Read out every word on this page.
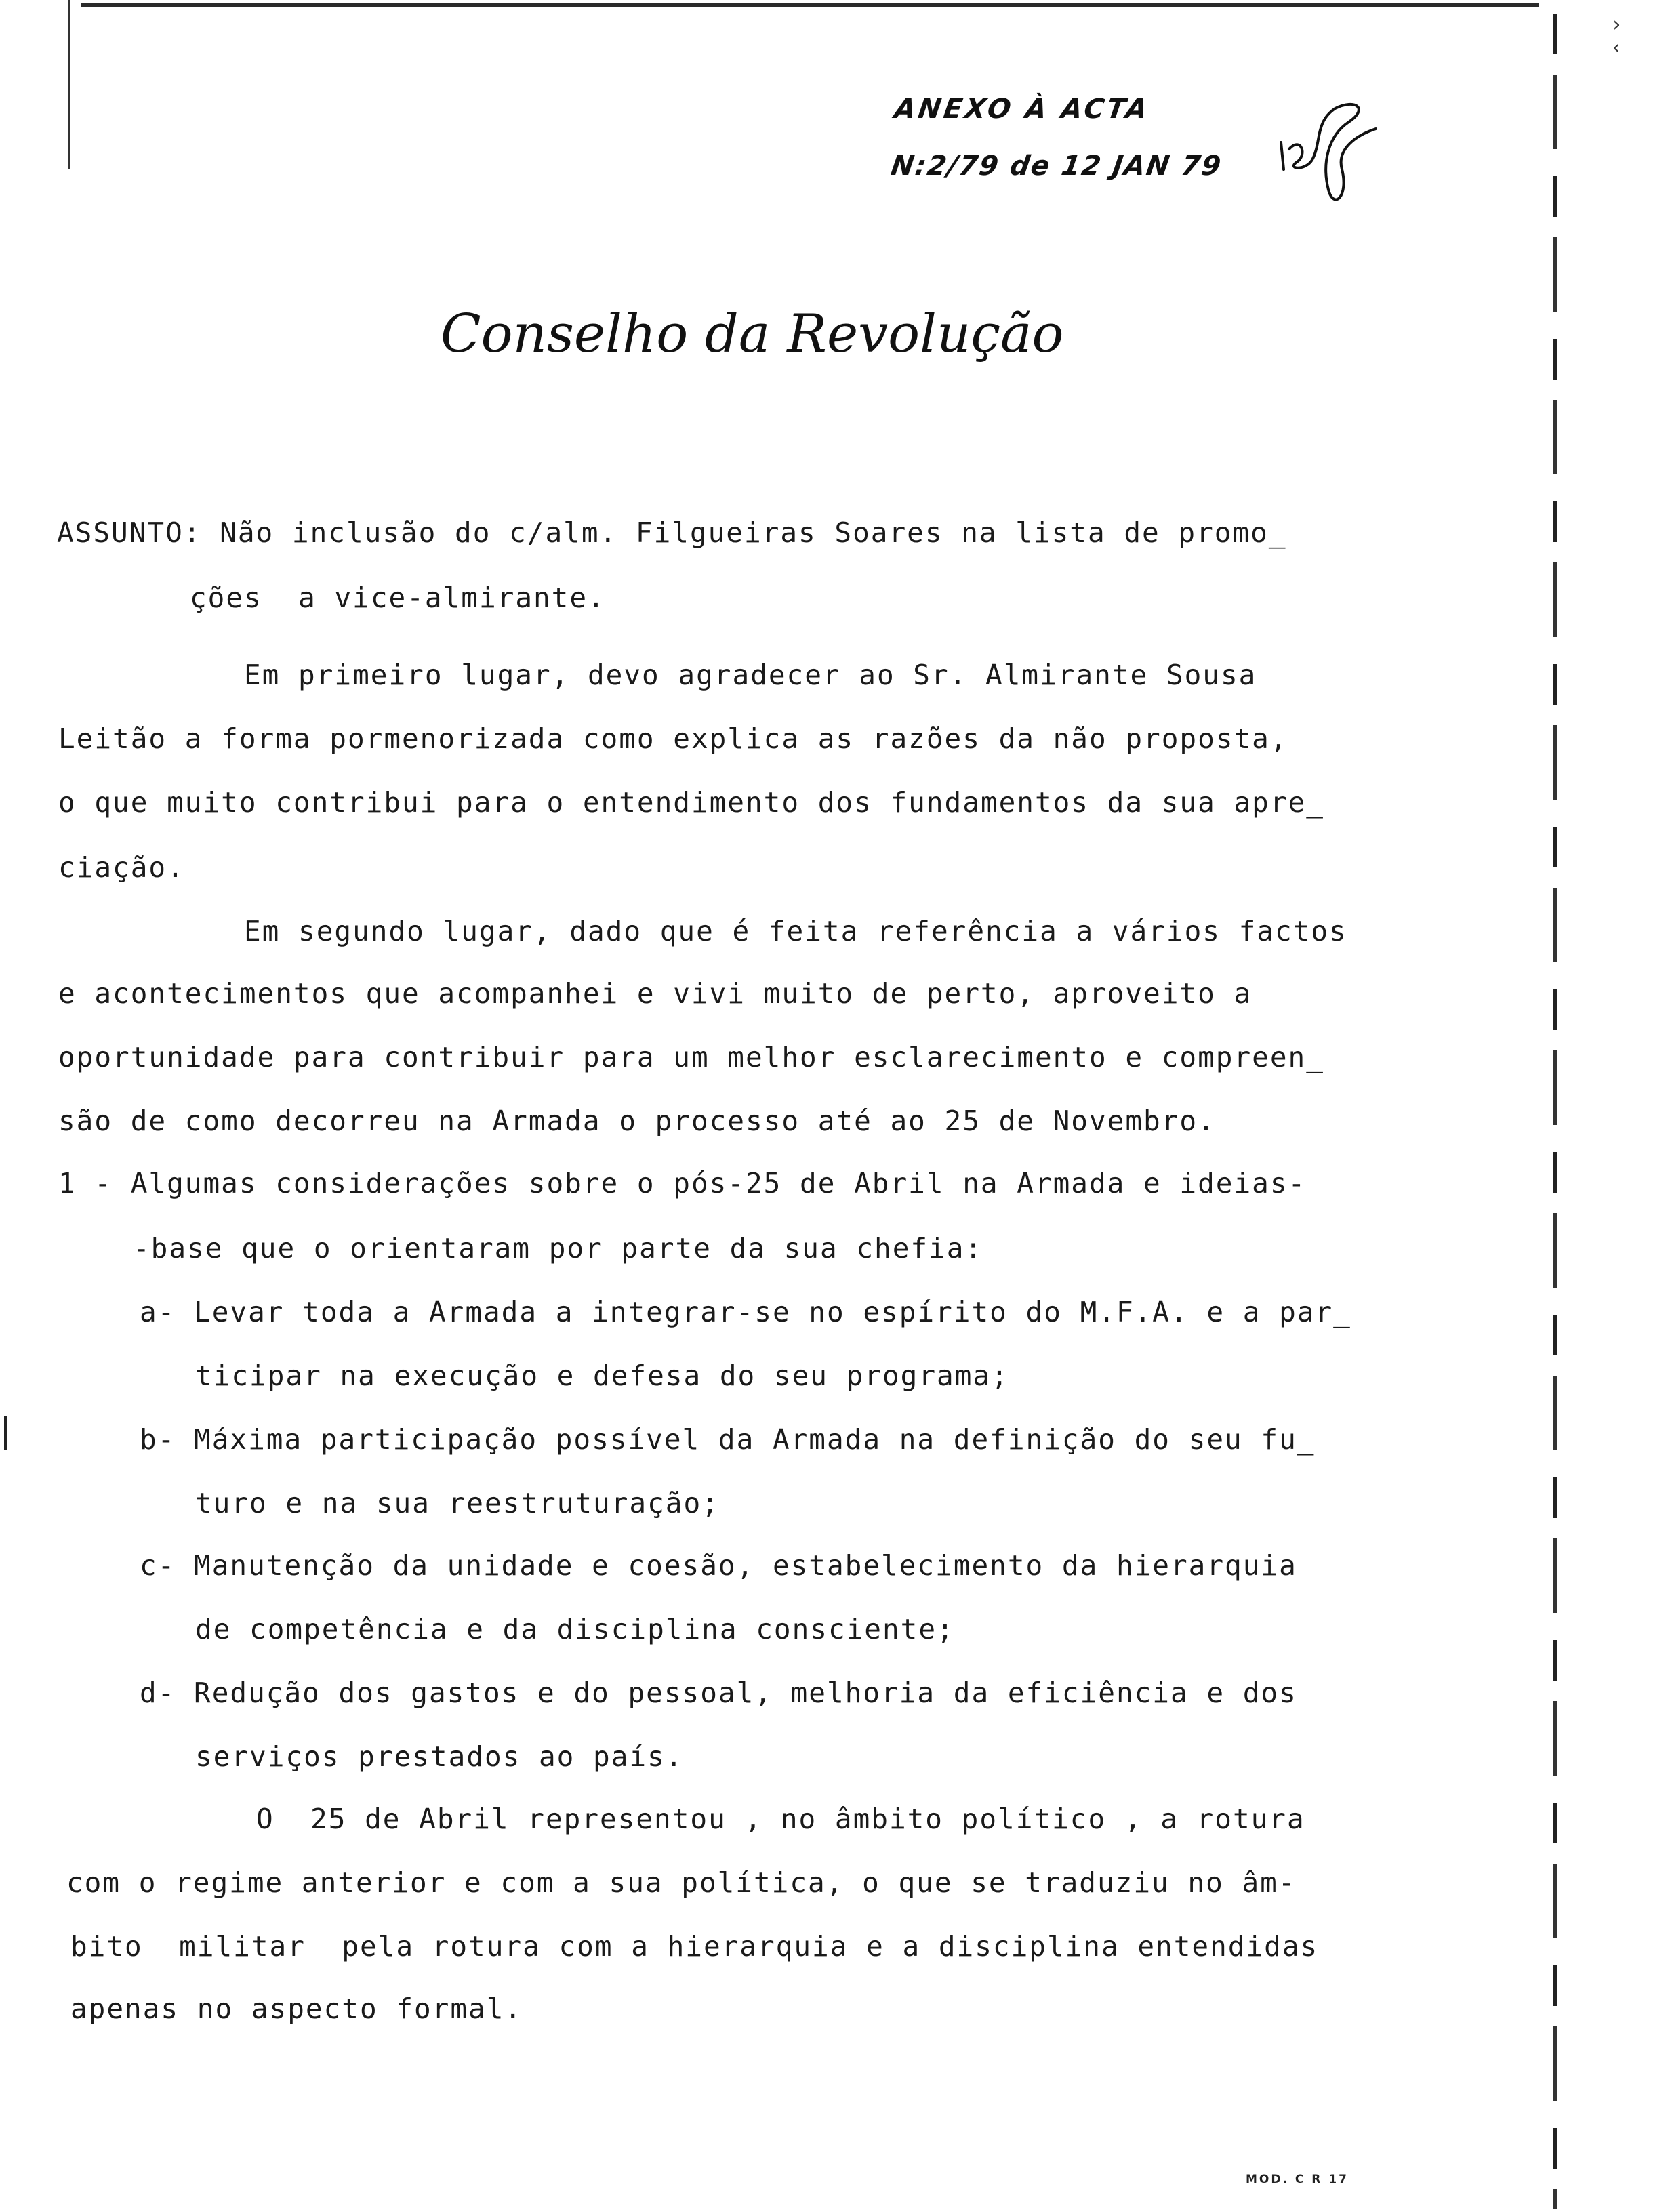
›
‹
ANEXO À ACTA
N:2/79 de 12 JAN 79
Conselho da Revolução
ASSUNTO: Não inclusão do c/alm. Filgueiras Soares na lista de promo_
ções  a vice-almirante.
Em primeiro lugar, devo agradecer ao Sr. Almirante Sousa
Leitão a forma pormenorizada como explica as razões da não proposta,
o que muito contribui para o entendimento dos fundamentos da sua apre_
ciação.
Em segundo lugar, dado que é feita referência a vários factos
e acontecimentos que acompanhei e vivi muito de perto, aproveito a
oportunidade para contribuir para um melhor esclarecimento e compreen_
são de como decorreu na Armada o processo até ao 25 de Novembro.
1 - Algumas considerações sobre o pós-25 de Abril na Armada e ideias-
-base que o orientaram por parte da sua chefia:
a- Levar toda a Armada a integrar-se no espírito do M.F.A. e a par_
ticipar na execução e defesa do seu programa;
b- Máxima participação possível da Armada na definição do seu fu_
turo e na sua reestruturação;
c- Manutenção da unidade e coesão, estabelecimento da hierarquia
de competência e da disciplina consciente;
d- Redução dos gastos e do pessoal, melhoria da eficiência e dos
serviços prestados ao país.
O  25 de Abril representou , no âmbito político , a rotura
com o regime anterior e com a sua política, o que se traduziu no âm-
bito  militar  pela rotura com a hierarquia e a disciplina entendidas
apenas no aspecto formal.
MOD. C R 17
